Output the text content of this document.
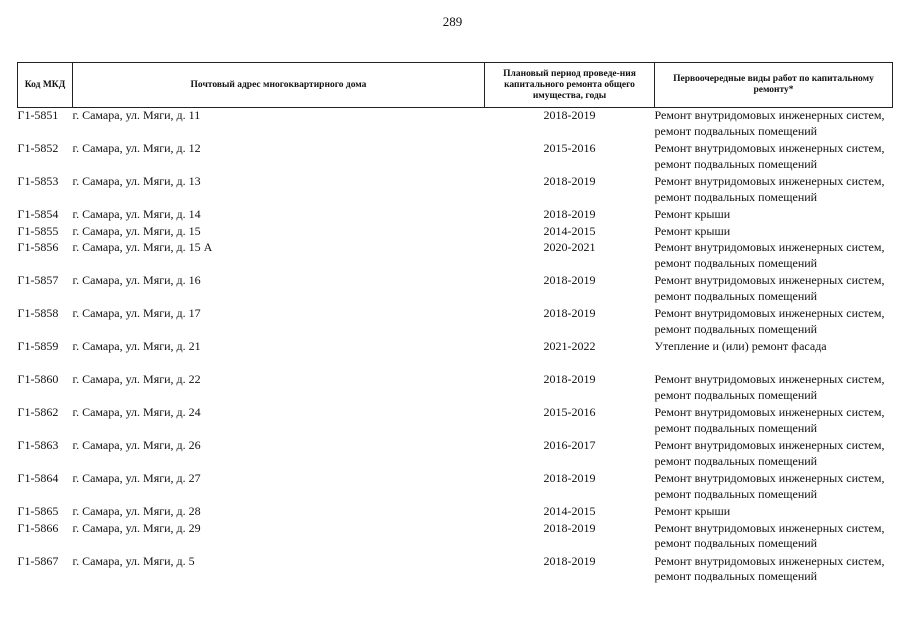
289
Код МКД	Почтовый адрес многоквартирного дома	Плановый период проведе-ния капитального ремонта общего имущества, годы	Первоочередные виды работ по капитальному ремонту*
Г1-5851	г. Самара, ул. Мяги, д. 11	2018-2019	Ремонт внутридомовых инженерных систем, ремонт подвальных помещений
Г1-5852	г. Самара, ул. Мяги, д. 12	2015-2016	Ремонт внутридомовых инженерных систем, ремонт подвальных помещений
Г1-5853	г. Самара, ул. Мяги, д. 13	2018-2019	Ремонт внутридомовых инженерных систем, ремонт подвальных помещений
Г1-5854	г. Самара, ул. Мяги, д. 14	2018-2019	Ремонт крыши
Г1-5855	г. Самара, ул. Мяги, д. 15	2014-2015	Ремонт крыши
Г1-5856	г. Самара, ул. Мяги, д. 15 А	2020-2021	Ремонт внутридомовых инженерных систем, ремонт подвальных помещений
Г1-5857	г. Самара, ул. Мяги, д. 16	2018-2019	Ремонт внутридомовых инженерных систем, ремонт подвальных помещений
Г1-5858	г. Самара, ул. Мяги, д. 17	2018-2019	Ремонт внутридомовых инженерных систем, ремонт подвальных помещений
Г1-5859	г. Самара, ул. Мяги, д. 21	2021-2022	Утепление и (или) ремонт фасада
Г1-5860	г. Самара, ул. Мяги, д. 22	2018-2019	Ремонт внутридомовых инженерных систем, ремонт подвальных помещений
Г1-5862	г. Самара, ул. Мяги, д. 24	2015-2016	Ремонт внутридомовых инженерных систем, ремонт подвальных помещений
Г1-5863	г. Самара, ул. Мяги, д. 26	2016-2017	Ремонт внутридомовых инженерных систем, ремонт подвальных помещений
Г1-5864	г. Самара, ул. Мяги, д. 27	2018-2019	Ремонт внутридомовых инженерных систем, ремонт подвальных помещений
Г1-5865	г. Самара, ул. Мяги, д. 28	2014-2015	Ремонт крыши
Г1-5866	г. Самара, ул. Мяги, д. 29	2018-2019	Ремонт внутридомовых инженерных систем, ремонт подвальных помещений
Г1-5867	г. Самара, ул. Мяги, д. 5	2018-2019	Ремонт внутридомовых инженерных систем, ремонт подвальных помещений
